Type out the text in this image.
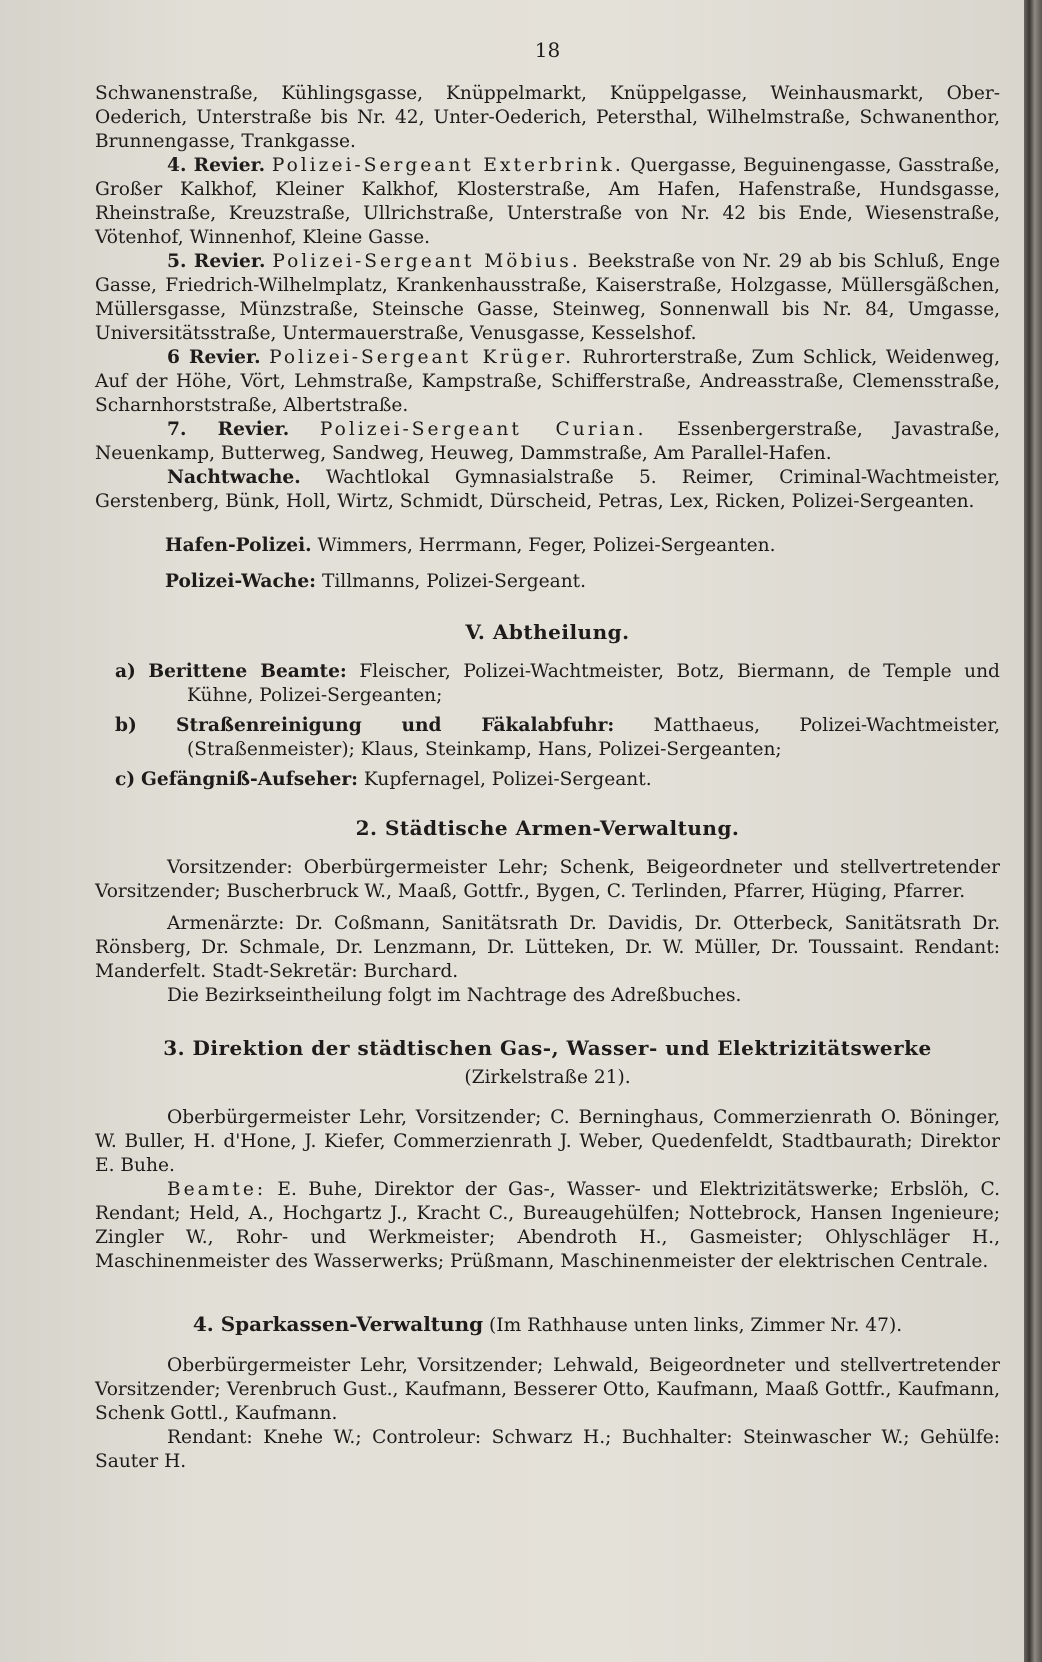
18

Schwanenstraße, Kühlingsgasse, Knüppelmarkt, Knüppelgasse, Weinhausmarkt, Ober-Oederich, Unterstraße bis Nr. 42, Unter-Oederich, Petersthal, Wilhelmstraße, Schwanenthor, Brunnengasse, Trankgasse.

4. Revier. Polizei-Sergeant Exterbrink. Quergasse, Beguinengasse, Gasstraße, Großer Kalkhof, Kleiner Kalkhof, Klosterstraße, Am Hafen, Hafenstraße, Hundsgasse, Rheinstraße, Kreuzstraße, Ullrichstraße, Unterstraße von Nr. 42 bis Ende, Wiesenstraße, Vötenhof, Winnenhof, Kleine Gasse.

5. Revier. Polizei-Sergeant Möbius. Beekstraße von Nr. 29 ab bis Schluß, Enge Gasse, Friedrich-Wilhelmplatz, Krankenhausstraße, Kaiserstraße, Holzgasse, Müllersgäßchen, Müllersgasse, Münzstraße, Steinsche Gasse, Steinweg, Sonnenwall bis Nr. 84, Umgasse, Universitätsstraße, Untermauerstraße, Venusgasse, Kesselshof.

6 Revier. Polizei-Sergeant Krüger. Ruhrorterstraße, Zum Schlick, Weidenweg, Auf der Höhe, Vört, Lehmstraße, Kampstraße, Schifferstraße, Andreasstraße, Clemensstraße, Scharnhorststraße, Albertstraße.

7. Revier. Polizei-Sergeant Curian. Essenbergerstraße, Javastraße, Neuenkamp, Butterweg, Sandweg, Heuweg, Dammstraße, Am Parallel-Hafen.

Nachtwache. Wachtlokal Gymnasialstraße 5. Reimer, Criminal-Wachtmeister, Gerstenberg, Bünk, Holl, Wirtz, Schmidt, Dürscheid, Petras, Lex, Ricken, Polizei-Sergeanten.

Hafen-Polizei. Wimmers, Herrmann, Feger, Polizei-Sergeanten.

Polizei-Wache: Tillmanns, Polizei-Sergeant.

V. Abtheilung.

a) Berittene Beamte: Fleischer, Polizei-Wachtmeister, Botz, Biermann, de Temple und Kühne, Polizei-Sergeanten;

b) Straßenreinigung und Fäkalabfuhr: Matthaeus, Polizei-Wachtmeister, (Straßenmeister); Klaus, Steinkamp, Hans, Polizei-Sergeanten;

c) Gefängniß-Aufseher: Kupfernagel, Polizei-Sergeant.

2. Städtische Armen-Verwaltung.

Vorsitzender: Oberbürgermeister Lehr; Schenk, Beigeordneter und stellvertretender Vorsitzender; Buscherbruck W., Maaß, Gottfr., Bygen, C. Terlinden, Pfarrer, Hüging, Pfarrer.

Armenärzte: Dr. Coßmann, Sanitätsrath Dr. Davidis, Dr. Otterbeck, Sanitätsrath Dr. Rönsberg, Dr. Schmale, Dr. Lenzmann, Dr. Lütteken, Dr. W. Müller, Dr. Toussaint. Rendant: Manderfelt. Stadt-Sekretär: Burchard.

Die Bezirkseintheilung folgt im Nachtrage des Adreßbuches.

3. Direktion der städtischen Gas-, Wasser- und Elektrizitätswerke
(Zirkelstraße 21).

Oberbürgermeister Lehr, Vorsitzender; C. Berninghaus, Commerzienrath O. Böninger, W. Buller, H. d'Hone, J. Kiefer, Commerzienrath J. Weber, Quedenfeldt, Stadtbaurath; Direktor E. Buhe.

Beamte: E. Buhe, Direktor der Gas-, Wasser- und Elektrizitätswerke; Erbslöh, C. Rendant; Held, A., Hochgartz J., Kracht C., Bureaugehülfen; Nottebrock, Hansen Ingenieure; Zingler W., Rohr- und Werkmeister; Abendroth H., Gasmeister; Ohlyschläger H., Maschinenmeister des Wasserwerks; Prüßmann, Maschinenmeister der elektrischen Centrale.

4. Sparkassen-Verwaltung (Im Rathhause unten links, Zimmer Nr. 47).

Oberbürgermeister Lehr, Vorsitzender; Lehwald, Beigeordneter und stellvertretender Vorsitzender; Verenbruch Gust., Kaufmann, Besserer Otto, Kaufmann, Maaß Gottfr., Kaufmann, Schenk Gottl., Kaufmann.

Rendant: Knehe W.; Controleur: Schwarz H.; Buchhalter: Steinwascher W.; Gehülfe: Sauter H.
